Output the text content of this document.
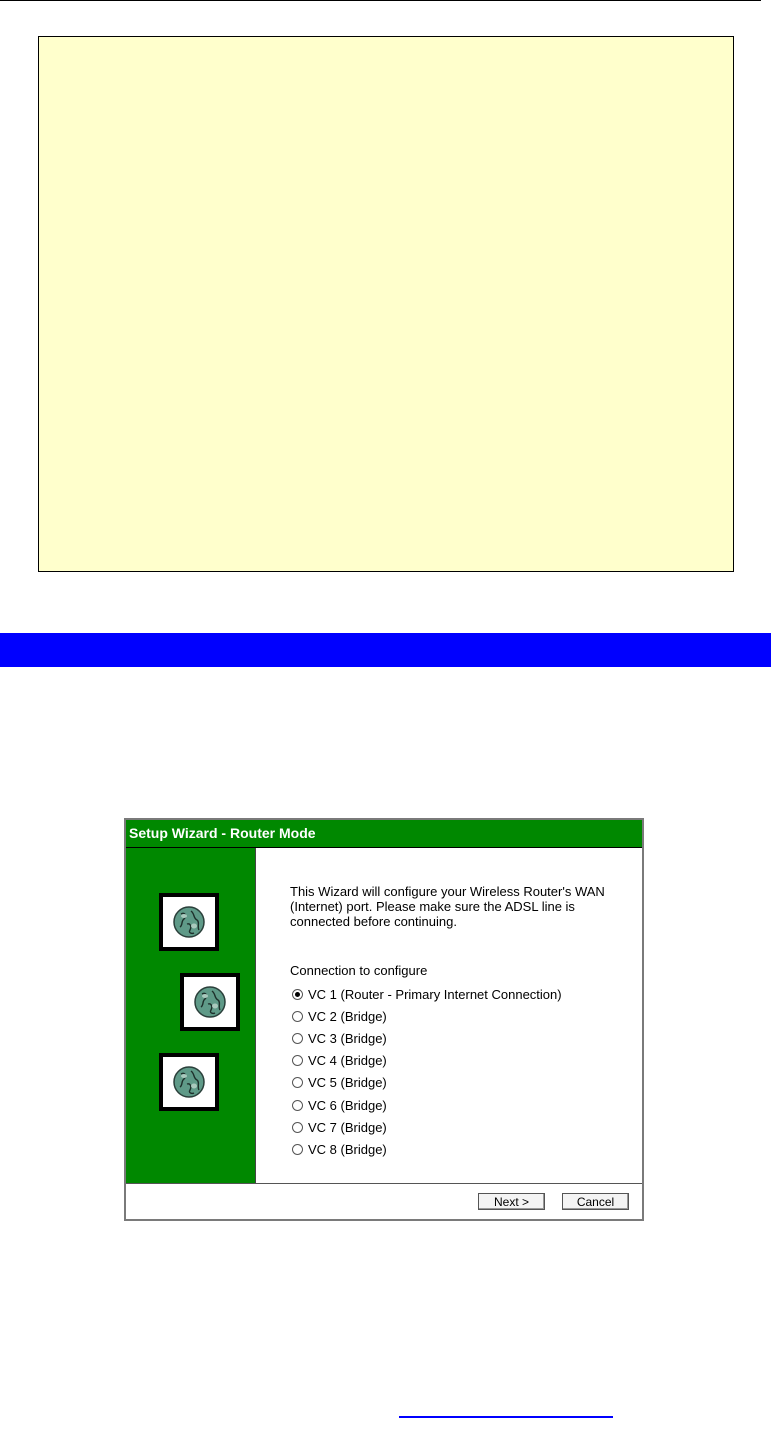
Setup Wizard - Router Mode

This Wizard will configure your Wireless Router's WAN (Internet) port. Please make sure the ADSL line is connected before continuing.

Connection to configure
VC 1 (Router - Primary Internet Connection)
VC 2 (Bridge)
VC 3 (Bridge)
VC 4 (Bridge)
VC 5 (Bridge)
VC 6 (Bridge)
VC 7 (Bridge)
VC 8 (Bridge)
Next >	Cancel
